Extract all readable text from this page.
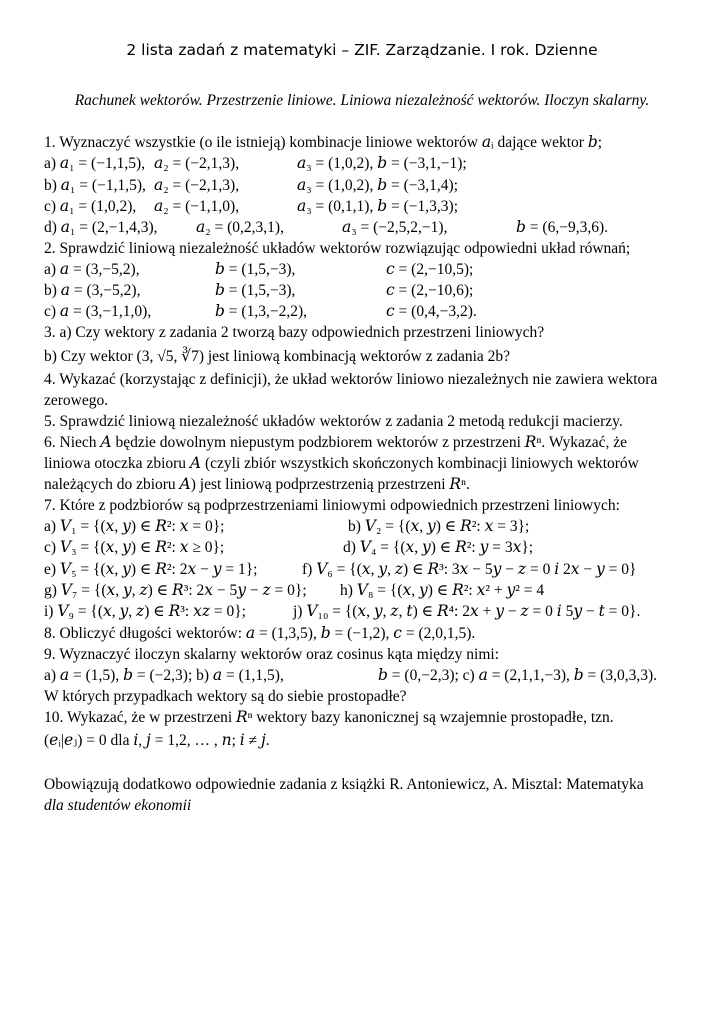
2 lista zadań z matematyki – ZIF. Zarządzanie. I rok. Dzienne
Rachunek wektorów. Przestrzenie liniowe. Liniowa niezależność wektorów. Iloczyn skalarny.
1. Wyznaczyć wszystkie (o ile istnieją) kombinacje liniowe wektorów 𝑎ᵢ dające wektor 𝑏;
a) 𝑎₁ = (−1,1,5), 𝑎₂ = (−2,1,3),	𝑎₃ = (1,0,2), 𝑏 = (−3,1,−1);
b) 𝑎₁ = (−1,1,5), 𝑎₂ = (−2,1,3),	𝑎₃ = (1,0,2), 𝑏 = (−3,1,4);
c) 𝑎₁ = (1,0,2), 𝑎₂ = (−1,1,0),	𝑎₃ = (0,1,1), 𝑏 = (−1,3,3);
d) 𝑎₁ = (2,−1,4,3), 𝑎₂ = (0,2,3,1),	𝑎₃ = (−2,5,2,−1),	𝑏 = (6,−9,3,6).
2. Sprawdzić liniową niezależność układów wektorów rozwiązując odpowiedni układ równań;
a) 𝑎 = (3,−5,2),	𝑏 = (1,5,−3),	𝑐 = (2,−10,5);
b) 𝑎 = (3,−5,2),	𝑏 = (1,5,−3),	𝑐 = (2,−10,6);
c) 𝑎 = (3,−1,1,0),	𝑏 = (1,3,−2,2),	𝑐 = (0,4,−3,2).
3. a) Czy wektory z zadania 2 tworzą bazy odpowiednich przestrzeni liniowych?
b) Czy wektor (3, √5, ∛7) jest liniową kombinacją wektorów z zadania 2b?
4. Wykazać (korzystając z definicji), że układ wektorów liniowo niezależnych nie zawiera wektora
zerowego.
5. Sprawdzić liniową niezależność układów wektorów z zadania 2 metodą redukcji macierzy.
6. Niech 𝐴 będzie dowolnym niepustym podzbiorem wektorów z przestrzeni 𝑅ⁿ. Wykazać, że
liniowa otoczka zbioru 𝐴 (czyli zbiór wszystkich skończonych kombinacji liniowych wektorów
należących do zbioru 𝐴) jest liniową podprzestrzenią przestrzeni 𝑅ⁿ.
7. Które z podzbiorów są podprzestrzeniami liniowymi odpowiednich przestrzeni liniowych:
a) 𝑉₁ = {(𝑥, 𝑦) ∈ 𝑅²: 𝑥 = 0};	b) 𝑉₂ = {(𝑥, 𝑦) ∈ 𝑅²: 𝑥 = 3};
c) 𝑉₃ = {(𝑥, 𝑦) ∈ 𝑅²: 𝑥 ≥ 0};	d) 𝑉₄ = {(𝑥, 𝑦) ∈ 𝑅²: 𝑦 = 3𝑥};
e) 𝑉₅ = {(𝑥, 𝑦) ∈ 𝑅²: 2𝑥 − 𝑦 = 1};	f) 𝑉₆ = {(𝑥, 𝑦, 𝑧) ∈ 𝑅³: 3𝑥 − 5𝑦 − 𝑧 = 0 𝑖 2𝑥 − 𝑦 = 0}
g) 𝑉₇ = {(𝑥, 𝑦, 𝑧) ∈ 𝑅³: 2𝑥 − 5𝑦 − 𝑧 = 0}; h) 𝑉₈ = {(𝑥, 𝑦) ∈ 𝑅²: 𝑥² + 𝑦² = 4
i) 𝑉₉ = {(𝑥, 𝑦, 𝑧) ∈ 𝑅³: 𝑥𝑧 = 0};	j) 𝑉₁₀ = {(𝑥, 𝑦, 𝑧, 𝑡) ∈ 𝑅⁴: 2𝑥 + 𝑦 − 𝑧 = 0 𝑖 5𝑦 − 𝑡 = 0}.
8. Obliczyć długości wektorów: 𝑎 = (1,3,5), 𝑏 = (−1,2), 𝑐 = (2,0,1,5).
9. Wyznaczyć iloczyn skalarny wektorów oraz cosinus kąta między nimi:
a) 𝑎 = (1,5), 𝑏 = (−2,3); b) 𝑎 = (1,1,5),	𝑏 = (0,−2,3); c) 𝑎 = (2,1,1,−3), 𝑏 = (3,0,3,3).
W których przypadkach wektory są do siebie prostopadłe?
10. Wykazać, że w przestrzeni 𝑅ⁿ wektory bazy kanonicznej są wzajemnie prostopadłe, tzn.
(𝑒ᵢ|𝑒ⱼ) = 0 dla 𝑖, 𝑗 = 1,2, … , 𝑛; 𝑖 ≠ 𝑗.
Obowiązują dodatkowo odpowiednie zadania z książki R. Antoniewicz, A. Misztal: Matematyka
dla studentów ekonomii
